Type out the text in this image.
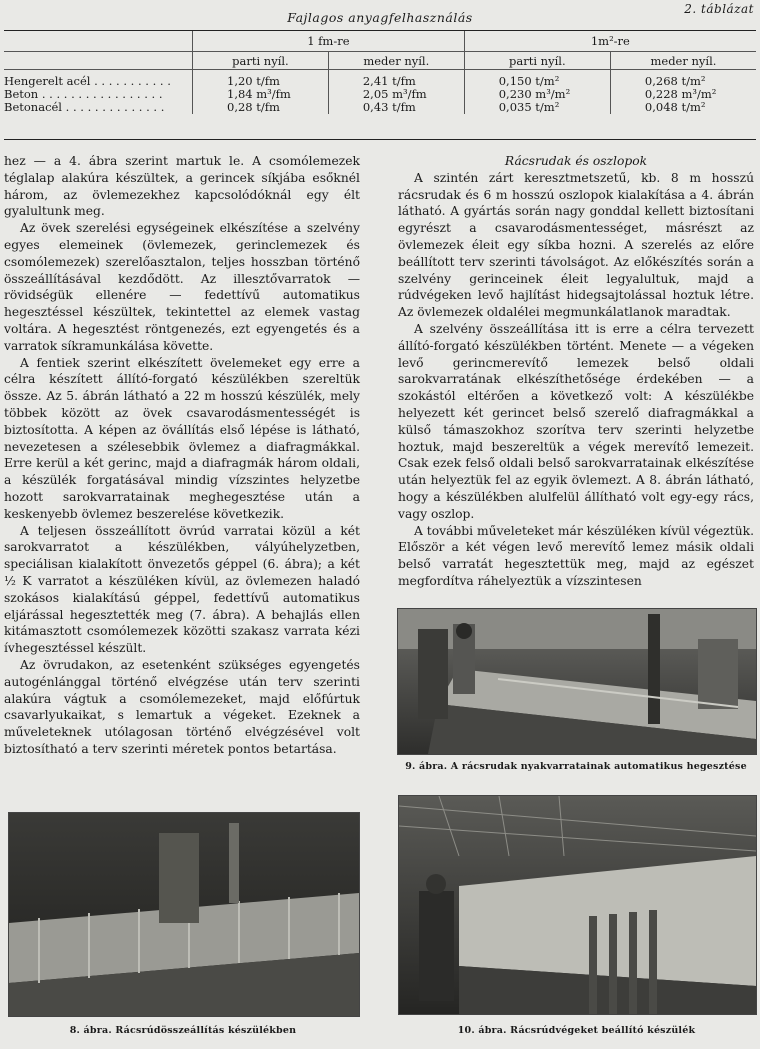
2. táblázat
Fajlagos anyagfelhasználás
	1 fm-re		1m²-re	
	parti nyíl.	meder nyíl.	parti nyíl.	meder nyíl.
Hengerelt acél . . . . . . . . . . .	1,20 t/fm	2,41 t/fm	0,150 t/m²	0,268 t/m²
Beton . . . . . . . . . . . . . . . . .	1,84 m³/fm	2,05 m³/fm	0,230 m³/m²	0,228 m³/m²
Betonacél . . . . . . . . . . . . . .	0,28 t/fm	0,43 t/fm	0,035 t/m²	0,048 t/m²

hez — a 4. ábra szerint martuk le. A csomólemezek téglalap alakúra készültek, a gerincek síkjába esőknél három, az övlemezekhez kapcsolódóknál egy élt gyalultunk meg.

Az övek szerelési egységeinek elkészítése a szelvény egyes elemeinek (övlemezek, gerinclemezek és csomólemezek) szerelőasztalon, teljes hosszban történő összeállításával kezdődött. Az illesztővarratok — rövidségük ellenére — fedettívű automatikus hegesztéssel készültek, tekintettel az elemek vastag voltára. A hegesztést röntgenezés, ezt egyengetés és a varratok síkramunkálása követte.

A fentiek szerint elkészített övelemeket egy erre a célra készített állító-forgató készülékben szereltük össze. Az 5. ábrán látható a 22 m hosszú készülék, mely többek között az övek csavarodásmentességét is biztosította. A képen az övállítás első lépése is látható, nevezetesen a szélesebbik övlemez a diafragmákkal. Erre kerül a két gerinc, majd a diafragmák három oldali, a készülék forgatásával mindig vízszintes helyzetbe hozott sarokvarratainak meghegesztése után a keskenyebb övlemez beszerelése következik.

A teljesen összeállított övrúd varratai közül a két sarokvarratot a készülékben, vályúhelyzetben, speciálisan kialakított önvezetős géppel (6. ábra); a két ½ K varratot a készüléken kívül, az övlemezen haladó szokásos kialakítású géppel, fedettívű automatikus eljárással hegesztették meg (7. ábra). A behajlás ellen kitámasztott csomólemezek közötti szakasz varrata kézi ívhegesztéssel készült.

Az övrudakon, az esetenként szükséges egyengetés autogénlánggal történő elvégzése után terv szerinti alakúra vágtuk a csomólemezeket, majd előfúrtuk csavarlyukaikat, s lemartuk a végeket. Ezeknek a műveleteknek utólagosan történő elvégzésével volt biztosítható a terv szerinti méretek pontos betartása.

Rácsrudak és oszlopok

A szintén zárt keresztmetszetű, kb. 8 m hosszú rácsrudak és 6 m hosszú oszlopok kialakítása a 4. ábrán látható. A gyártás során nagy gonddal kellett biztosítani egyrészt a csavarodásmentességet, másrészt az övlemezek éleit egy síkba hozni. A szerelés az előre beállított terv szerinti távolságot. Az előkészítés során a szelvény gerinceinek éleit legyalultuk, majd a rúdvégeken levő hajlítást hidegsajtolással hoztuk létre. Az övlemezek oldalélei megmunkálatlanok maradtak.

A szelvény összeállítása itt is erre a célra tervezett állító-forgató készülékben történt. Menete — a végeken levő gerincmerevítő lemezek belső oldali sarokvarratának elkészíthetősége érdekében — a szokástól eltérően a következő volt: A készülékbe helyezett két gerincet belső szerelő diafragmákkal a külső támaszokhoz szorítva terv szerinti helyzetbe hoztuk, majd beszereltük a végek merevítő lemezeit. Csak ezek felső oldali belső sarokvarratainak elkészítése után helyeztük fel az egyik övlemezt. A 8. ábrán látható, hogy a készülékben alulfelül állítható volt egy-egy rács, vagy oszlop.

A további műveleteket már készüléken kívül végeztük. Először a két végen levő merevítő lemez másik oldali belső varratát hegesztettük meg, majd az egészet megfordítva ráhelyeztük a vízszintesen

9. ábra. A rácsrudak nyakvarratainak automatikus hegesztése
8. ábra. Rácsrúdösszeállítás készülékben	10. ábra. Rácsrúdvégeket beállító készülék
